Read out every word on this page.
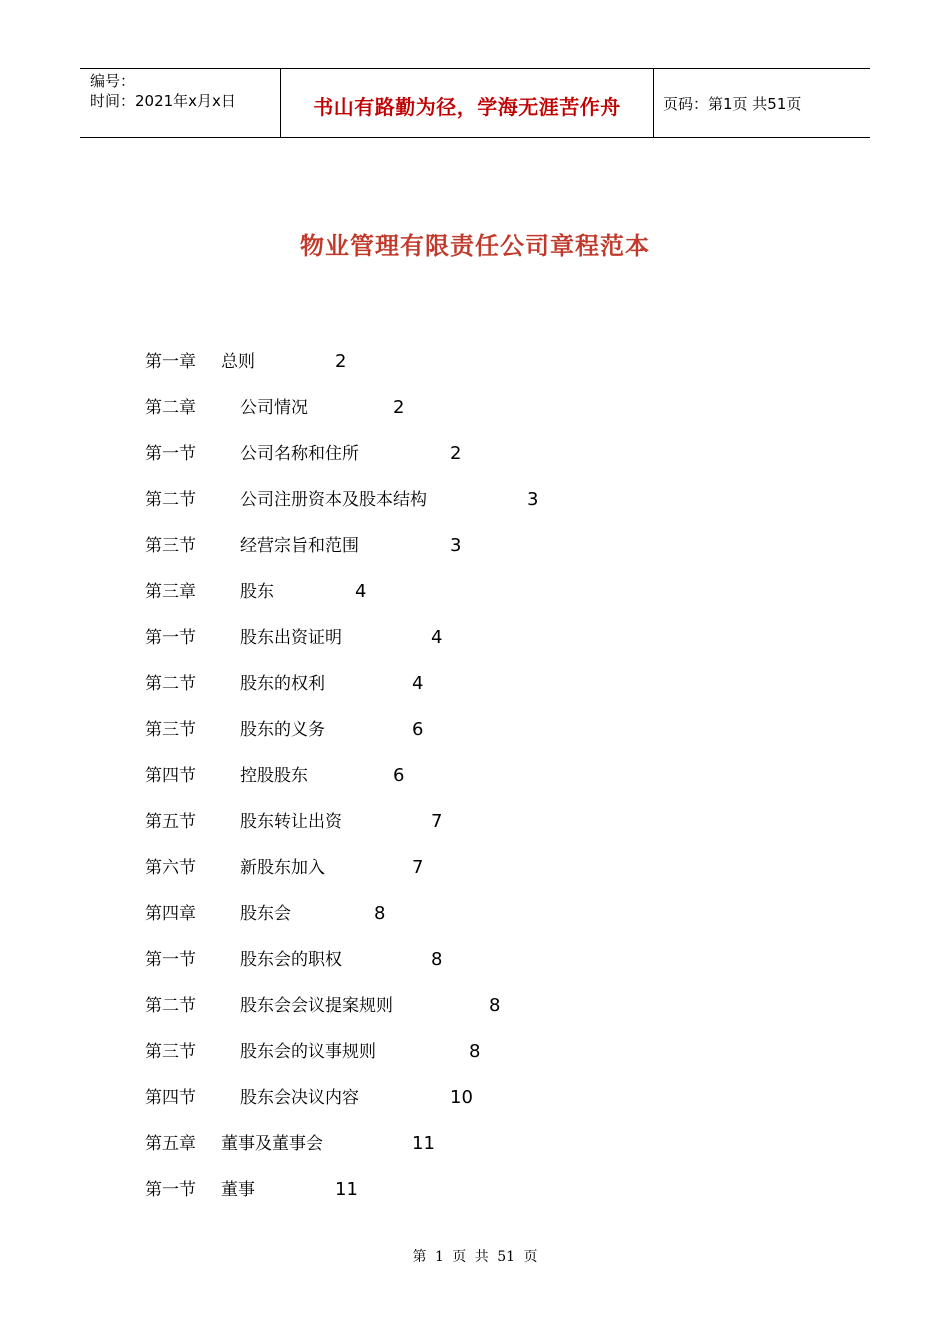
编号：
时间：2021年x月x日	书山有路勤为径，学海无涯苦作舟	页码：第1页 共51页
物业管理有限责任公司章程范本
第一章 总则	2
第二章	公司情况	2
第一节	公司名称和住所	2
第二节	公司注册资本及股本结构	3
第三节	经营宗旨和范围	3
第三章	股东	4
第一节	股东出资证明	4
第二节	股东的权利	4
第三节	股东的义务	6
第四节	控股股东	6
第五节	股东转让出资	7
第六节	新股东加入	7
第四章	股东会	8
第一节	股东会的职权	8
第二节	股东会会议提案规则	8
第三节	股东会的议事规则	8
第四节	股东会决议内容	10
第五章 董事及董事会	11
第一节 董事	11
第 1 页 共 51 页
